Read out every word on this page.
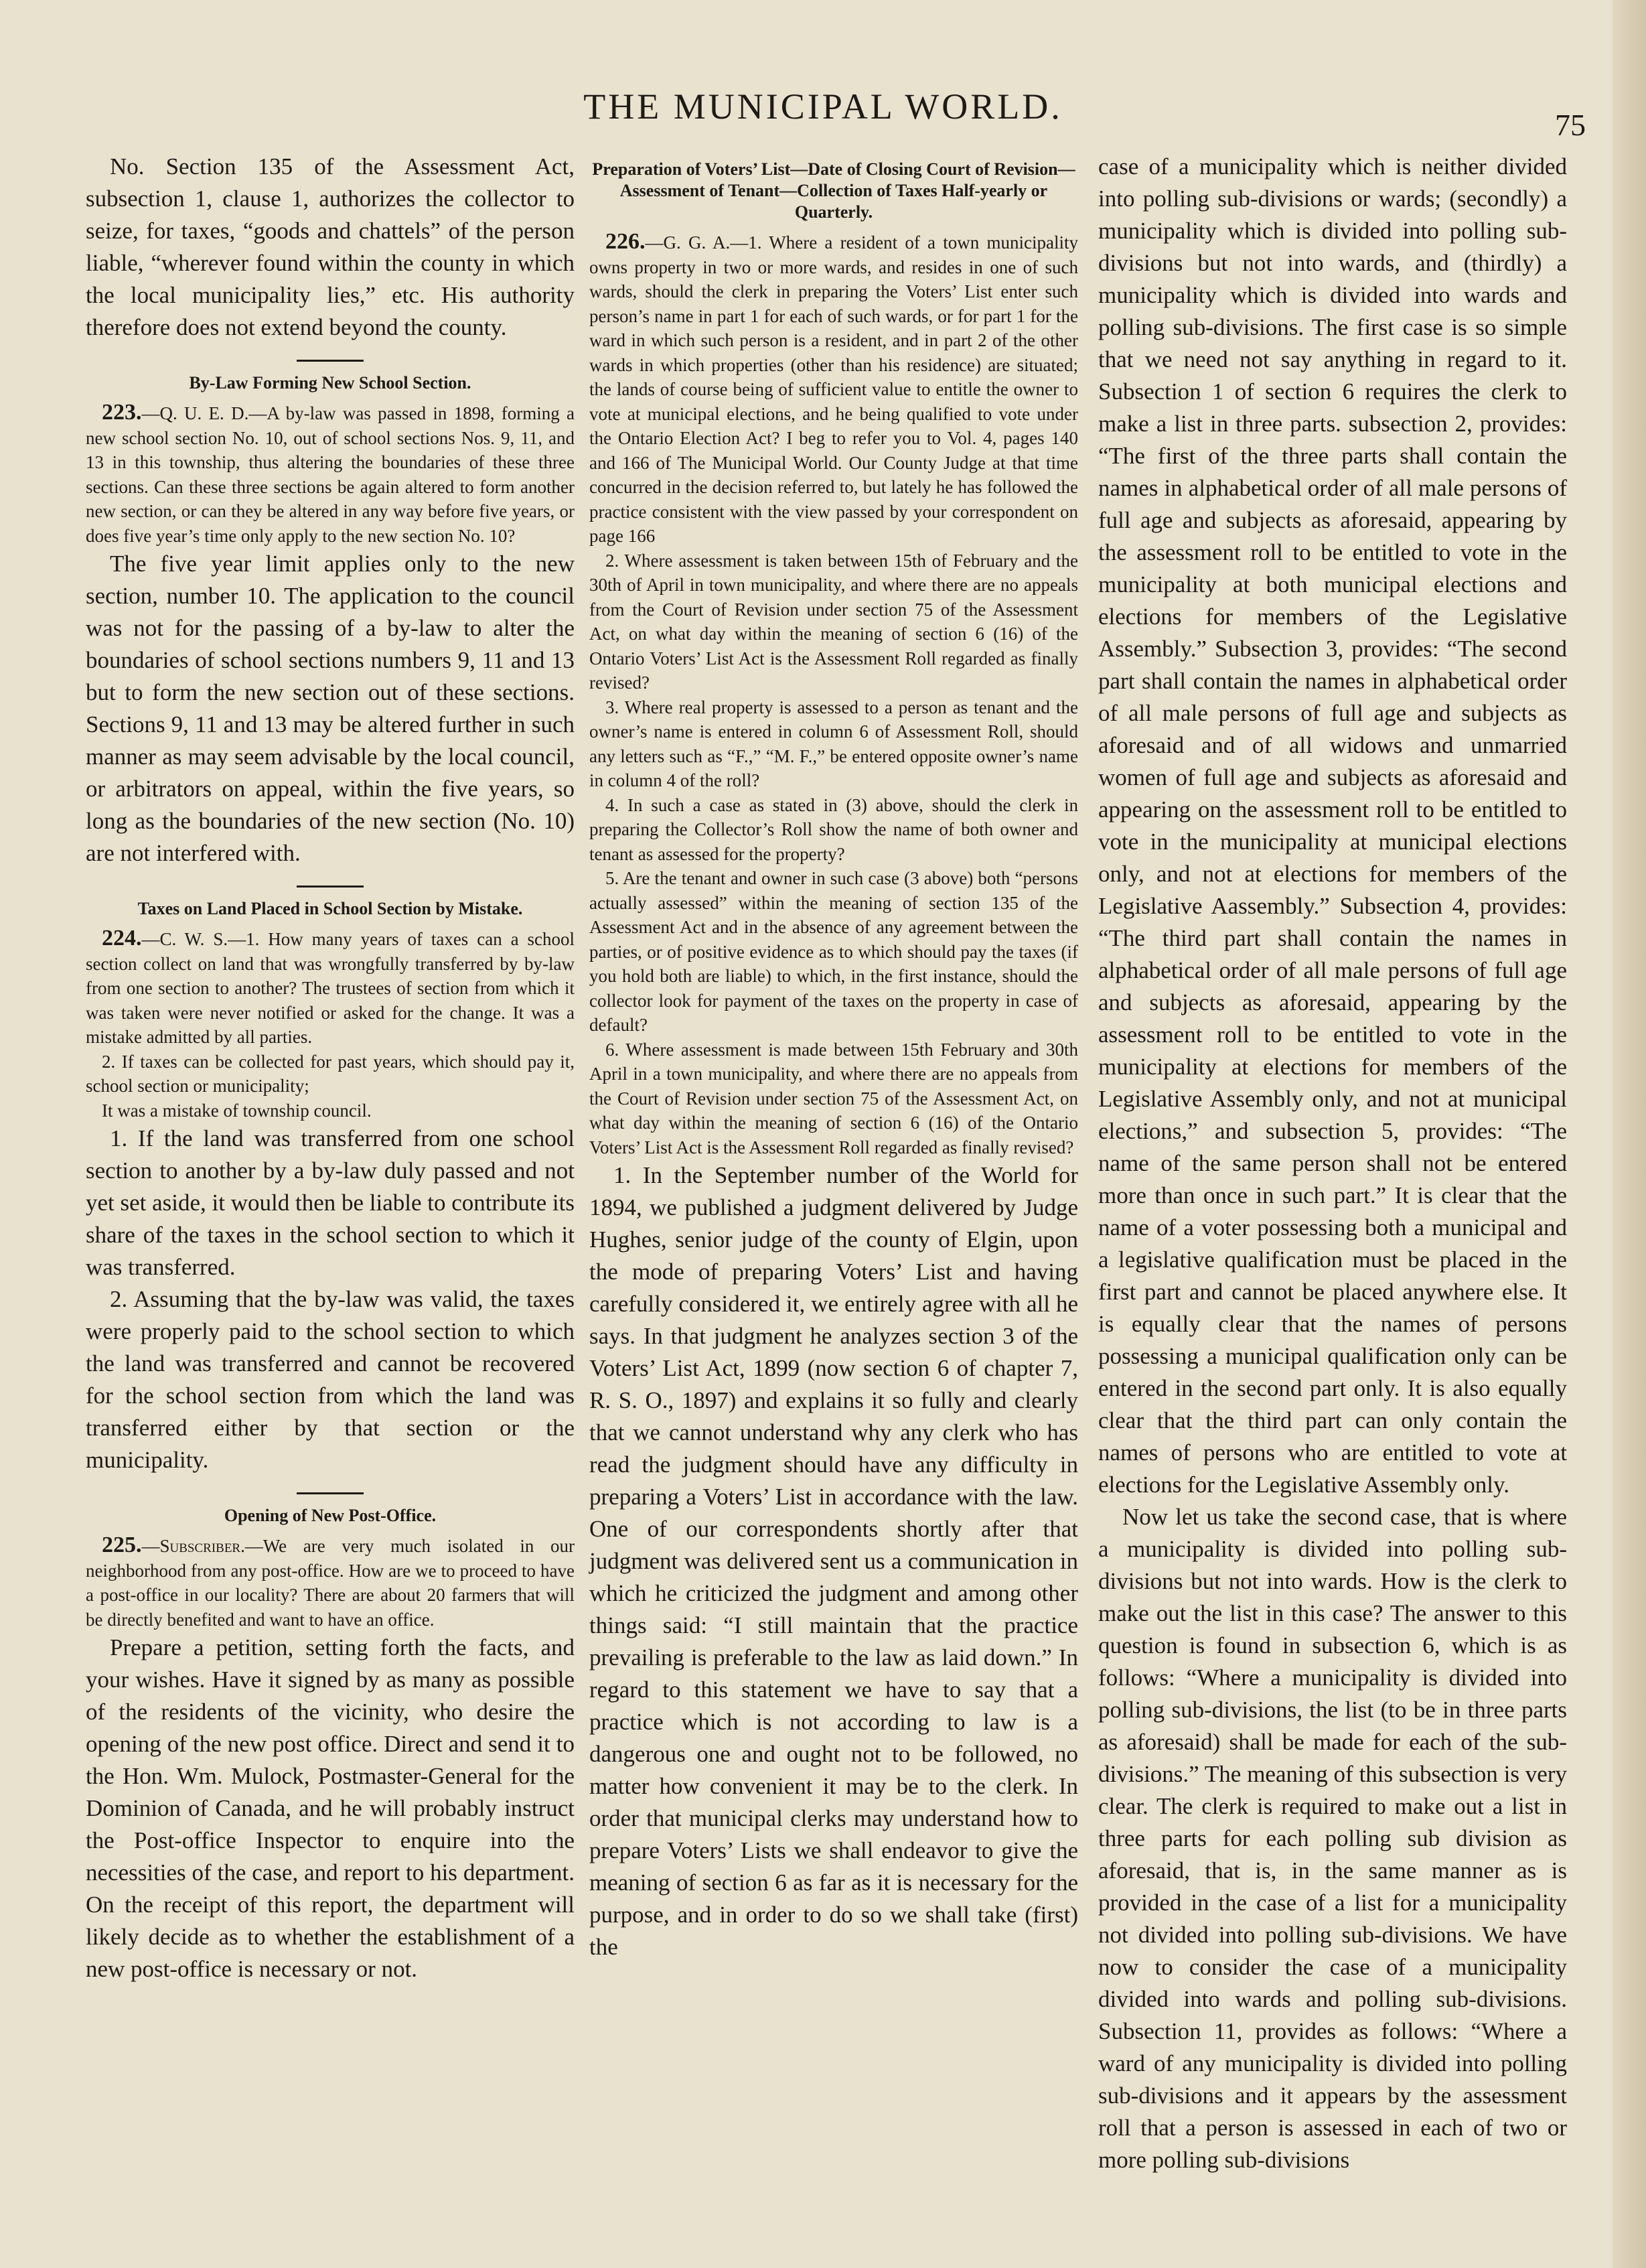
THE MUNICIPAL WORLD.	75

No. Section 135 of the Assessment Act, subsection 1, clause 1, authorizes the collector to seize, for taxes, “goods and chattels” of the person liable, “wherever found within the county in which the local municipality lies,” etc. His authority therefore does not extend beyond the county.

By-Law Forming New School Section.

223.—Q. U. E. D.—A by-law was passed in 1898, forming a new school section No. 10, out of school sections Nos. 9, 11, and 13 in this township, thus altering the boundaries of these three sections. Can these three sections be again altered to form another new section, or can they be altered in any way before five years, or does five year’s time only apply to the new section No. 10?

The five year limit applies only to the new section, number 10. The application to the council was not for the passing of a by-law to alter the boundaries of school sections numbers 9, 11 and 13 but to form the new section out of these sections. Sections 9, 11 and 13 may be altered further in such manner as may seem advisable by the local council, or arbitrators on appeal, within the five years, so long as the boundaries of the new section (No. 10) are not interfered with.

Taxes on Land Placed in School Section by Mistake.

224.—C. W. S.—1. How many years of taxes can a school section collect on land that was wrongfully transferred by by-law from one section to another? The trustees of section from which it was taken were never notified or asked for the change. It was a mistake admitted by all parties.

2. If taxes can be collected for past years, which should pay it, school section or municipality;

It was a mistake of township council.

1. If the land was transferred from one school section to another by a by-law duly passed and not yet set aside, it would then be liable to contribute its share of the taxes in the school section to which it was transferred.

2. Assuming that the by-law was valid, the taxes were properly paid to the school section to which the land was transferred and cannot be recovered for the school section from which the land was transferred either by that section or the municipality.

Opening of New Post-Office.

225.—Subscriber.—We are very much isolated in our neighborhood from any post-office. How are we to proceed to have a post-office in our locality? There are about 20 farmers that will be directly benefited and want to have an office.

Prepare a petition, setting forth the facts, and your wishes. Have it signed by as many as possible of the residents of the vicinity, who desire the opening of the new post office. Direct and send it to the Hon. Wm. Mulock, Postmaster-General for the Dominion of Canada, and he will probably instruct the Post-office Inspector to enquire into the necessities of the case, and report to his department. On the receipt of this report, the department will likely decide as to whether the establishment of a new post-office is necessary or not.

Preparation of Voters’ List—Date of Closing Court of Revision—Assessment of Tenant—Collection of Taxes Half-yearly or Quarterly.

226.—G. G. A.—1. Where a resident of a town municipality owns property in two or more wards, and resides in one of such wards, should the clerk in preparing the Voters’ List enter such person’s name in part 1 for each of such wards, or for part 1 for the ward in which such person is a resident, and in part 2 of the other wards in which properties (other than his residence) are situated; the lands of course being of sufficient value to entitle the owner to vote at municipal elections, and he being qualified to vote under the Ontario Election Act? I beg to refer you to Vol. 4, pages 140 and 166 of The Municipal World. Our County Judge at that time concurred in the decision referred to, but lately he has followed the practice consistent with the view passed by your correspondent on page 166

2. Where assessment is taken between 15th of February and the 30th of April in town municipality, and where there are no appeals from the Court of Revision under section 75 of the Assessment Act, on what day within the meaning of section 6 (16) of the Ontario Voters’ List Act is the Assessment Roll regarded as finally revised?

3. Where real property is assessed to a person as tenant and the owner’s name is entered in column 6 of Assessment Roll, should any letters such as “F.,” “M. F.,” be entered opposite owner’s name in column 4 of the roll?

4. In such a case as stated in (3) above, should the clerk in preparing the Collector’s Roll show the name of both owner and tenant as assessed for the property?

5. Are the tenant and owner in such case (3 above) both “persons actually assessed” within the meaning of section 135 of the Assessment Act and in the absence of any agreement between the parties, or of positive evidence as to which should pay the taxes (if you hold both are liable) to which, in the first instance, should the collector look for payment of the taxes on the property in case of default?

6. Where assessment is made between 15th February and 30th April in a town municipality, and where there are no appeals from the Court of Revision under section 75 of the Assessment Act, on what day within the meaning of section 6 (16) of the Ontario Voters’ List Act is the Assessment Roll regarded as finally revised?

1. In the September number of the World for 1894, we published a judgment delivered by Judge Hughes, senior judge of the county of Elgin, upon the mode of preparing Voters’ List and having carefully considered it, we entirely agree with all he says. In that judgment he analyzes section 3 of the Voters’ List Act, 1899 (now section 6 of chapter 7, R. S. O., 1897) and explains it so fully and clearly that we cannot understand why any clerk who has read the judgment should have any difficulty in preparing a Voters’ List in accordance with the law. One of our correspondents shortly after that judgment was delivered sent us a communication in which he criticized the judgment and among other things said: “I still maintain that the practice prevailing is preferable to the law as laid down.” In regard to this statement we have to say that a practice which is not according to law is a dangerous one and ought not to be followed, no matter how convenient it may be to the clerk. In order that municipal clerks may understand how to prepare Voters’ Lists we shall endeavor to give the meaning of section 6 as far as it is necessary for the purpose, and in order to do so we shall take (first) the

case of a municipality which is neither divided into polling sub-divisions or wards; (secondly) a municipality which is divided into polling sub-divisions but not into wards, and (thirdly) a municipality which is divided into wards and polling sub-divisions. The first case is so simple that we need not say anything in regard to it. Subsection 1 of section 6 requires the clerk to make a list in three parts. subsection 2, provides: “The first of the three parts shall contain the names in alphabetical order of all male persons of full age and subjects as aforesaid, appearing by the assessment roll to be entitled to vote in the municipality at both municipal elections and elections for members of the Legislative Assembly.” Subsection 3, provides: “The second part shall contain the names in alphabetical order of all male persons of full age and subjects as aforesaid and of all widows and unmarried women of full age and subjects as aforesaid and appearing on the assessment roll to be entitled to vote in the municipality at municipal elections only, and not at elections for members of the Legislative Aassembly.” Subsection 4, provides: “The third part shall contain the names in alphabetical order of all male persons of full age and subjects as aforesaid, appearing by the assessment roll to be entitled to vote in the municipality at elections for members of the Legislative Assembly only, and not at municipal elections,” and subsection 5, provides: “The name of the same person shall not be entered more than once in such part.” It is clear that the name of a voter possessing both a municipal and a legislative qualification must be placed in the first part and cannot be placed anywhere else. It is equally clear that the names of persons possessing a municipal qualification only can be entered in the second part only. It is also equally clear that the third part can only contain the names of persons who are entitled to vote at elections for the Legislative Assembly only.

Now let us take the second case, that is where a municipality is divided into polling sub-divisions but not into wards. How is the clerk to make out the list in this case? The answer to this question is found in subsection 6, which is as follows: “Where a municipality is divided into polling sub-divisions, the list (to be in three parts as aforesaid) shall be made for each of the sub-divisions.” The meaning of this subsection is very clear. The clerk is required to make out a list in three parts for each polling sub division as aforesaid, that is, in the same manner as is provided in the case of a list for a municipality not divided into polling sub-divisions. We have now to consider the case of a municipality divided into wards and polling sub-divisions. Subsection 11, provides as follows: “Where a ward of any municipality is divided into polling sub-divisions and it appears by the assessment roll that a person is assessed in each of two or more polling sub-divisions
